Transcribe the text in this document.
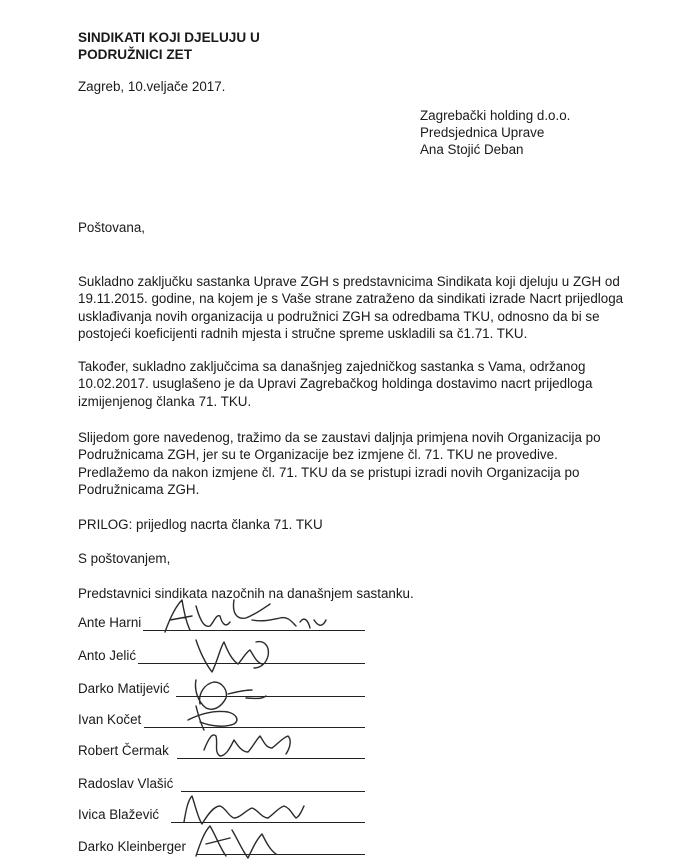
SINDIKATI KOJI DJELUJU U
PODRUŽNICI ZET
Zagreb, 10.veljače 2017.
Zagrebački holding d.o.o.
Predsjednica Uprave
Ana Stojić Deban
Poštovana,
Sukladno zaključku sastanka Uprave ZGH s predstavnicima Sindikata koji djeluju u ZGH od
19.11.2015. godine, na kojem je s Vaše strane zatraženo da sindikati izrade Nacrt prijedloga
usklađivanja novih organizacija u podružnici ZGH sa odredbama TKU, odnosno da bi se
postojeći koeficijenti radnih mjesta i stručne spreme uskladili sa č1.71. TKU.
Također, sukladno zaključcima sa današnjeg zajedničkog sastanka s Vama, održanog
10.02.2017. usuglašeno je da Upravi Zagrebačkog holdinga dostavimo nacrt prijedloga
izmijenjenog članka 71. TKU.
Slijedom gore navedenog, tražimo da se zaustavi daljnja primjena novih Organizacija po
Podružnicama ZGH, jer su te Organizacije bez izmjene čl. 71. TKU ne provedive.
Predlažemo da nakon izmjene čl. 71. TKU da se pristupi izradi novih Organizacija po
Podružnicama ZGH.
PRILOG: prijedlog nacrta članka 71. TKU
S poštovanjem,
Predstavnici sindikata nazočnih na današnjem sastanku.
Ante Harni
Anto Jelić
Darko Matijević
Ivan Kočet
Robert Čermak
Radoslav Vlašić
Ivica Blažević
Darko Kleinberger
